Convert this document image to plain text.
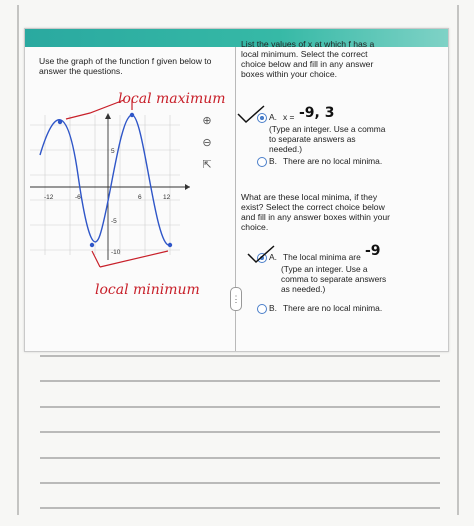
⋮
Use the graph of the function f given below to answer the questions.
List the values of x at which f has a local minimum. Select the correct choice below and fill in any answer boxes within your choice.
A. x = -9, 3
(Type an integer. Use a comma to separate answers as needed.)
B. There are no local minima.
What are these local minima, if they exist? Select the correct choice below and fill in any answer boxes within your choice.
A. The local minima are -9
(Type an integer. Use a comma to separate answers as needed.)
B. There are no local minima.
⊕
⊖
⇱
local maximum
local minimum
-12	-6	6	12
5
-5
-10
